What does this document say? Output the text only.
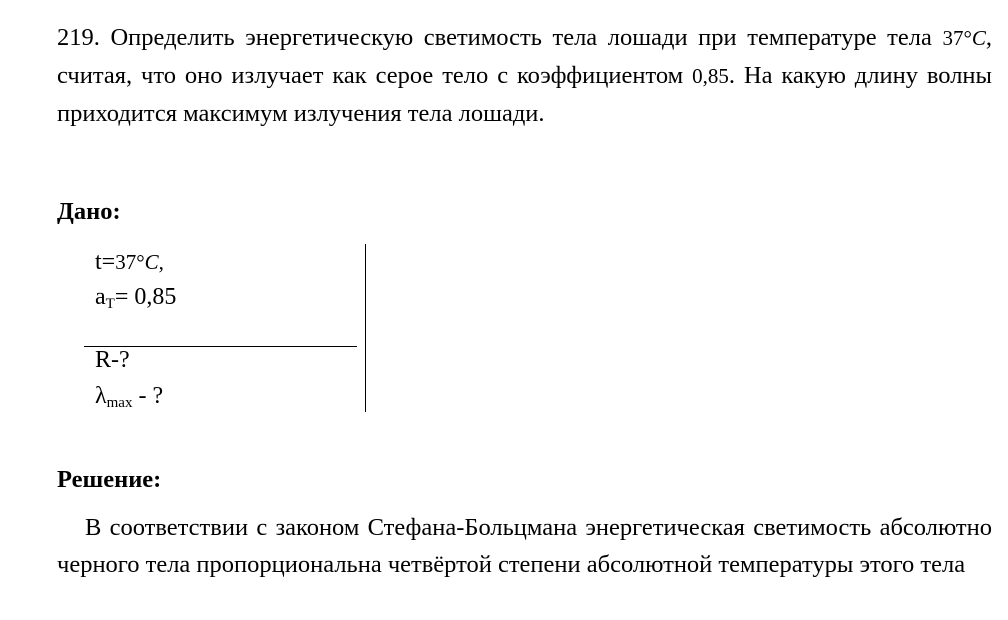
219. Определить энергетическую светимость тела лошади при температуре тела 37°C, считая, что оно излучает как серое тело с коэффициентом 0,85. На какую длину волны приходится максимум излучения тела лошади.

Дано:

t=37°C,
$a_T= 0,85$
R-?
$\lambda_{max}$ - ?

Решение:

В соответствии с законом Стефана-Больцмана энергетическая светимость абсолютно черного тела пропорциональна четвёртой степени абсолютной температуры этого тела
